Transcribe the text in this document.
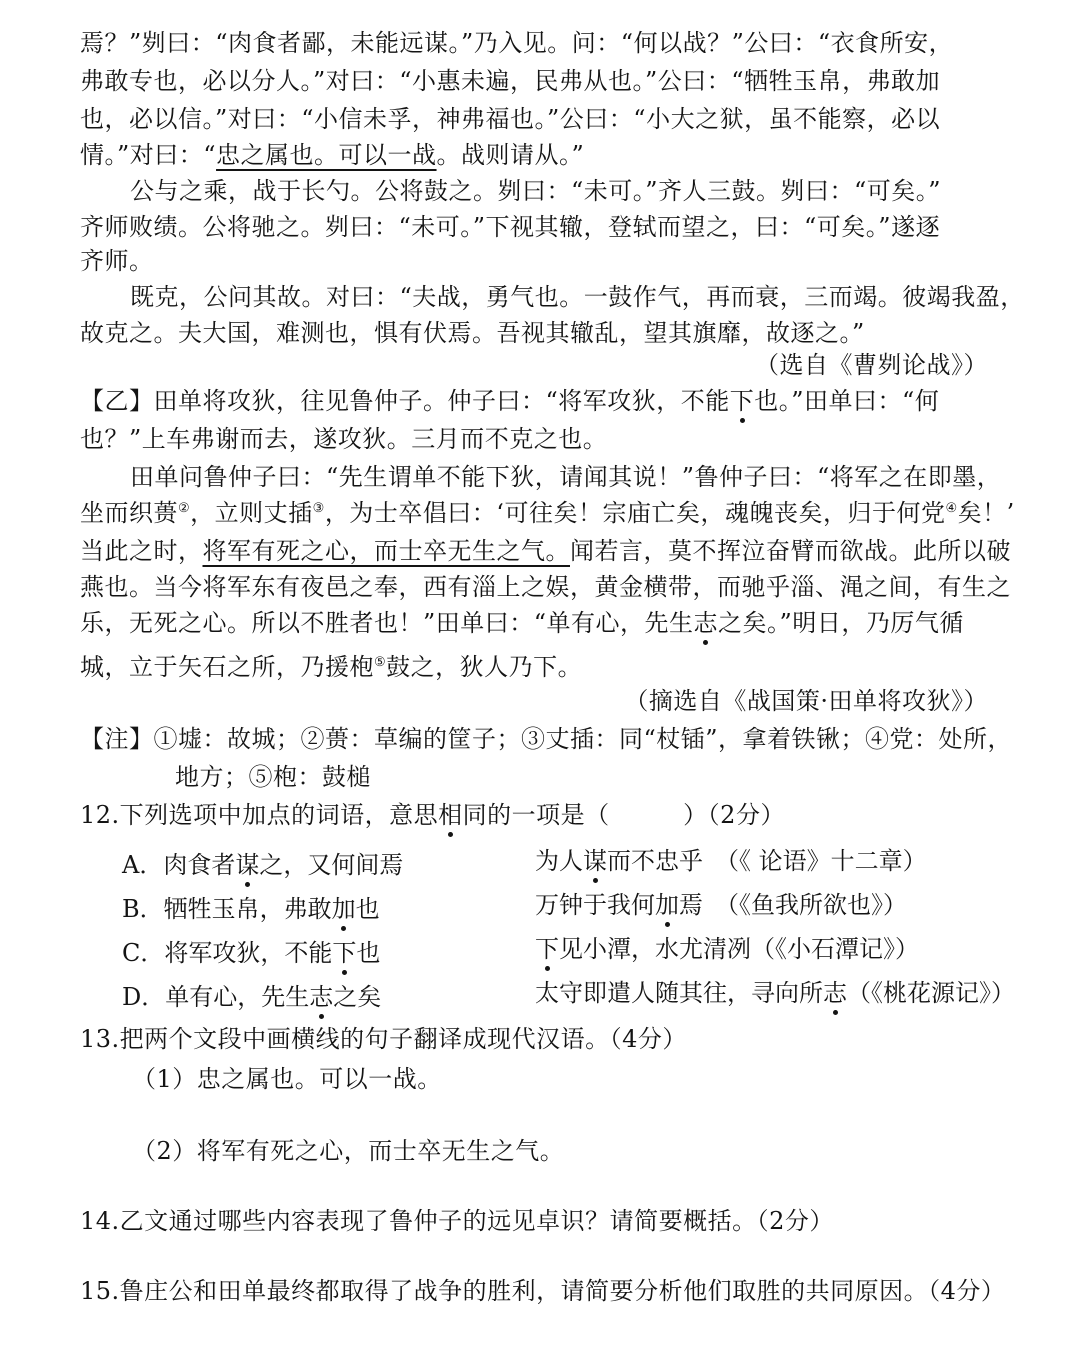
焉？”刿曰：“肉食者鄙，未能远谋。”乃入见。问：“何以战？”公曰：“衣食所安，
弗敢专也，必以分人。”对曰：“小惠未遍，民弗从也。”公曰：“牺牲玉帛，弗敢加
也，必以信。”对曰：“小信未孚，神弗福也。”公曰：“小大之狱，虽不能察，必以
情。”对曰：“忠之属也。可以一战。战则请从。”
公与之乘，战于长勺。公将鼓之。刿曰：“未可。”齐人三鼓。刿曰：“可矣。”
齐师败绩。公将驰之。刿曰：“未可。”下视其辙，登轼而望之，曰：“可矣。”遂逐
齐师。
既克，公问其故。对曰：“夫战，勇气也。一鼓作气，再而衰，三而竭。彼竭我盈，
故克之。夫大国，难测也，惧有伏焉。吾视其辙乱，望其旗靡，故逐之。”
（选自《曹刿论战》）
【乙】田单将攻狄，往见鲁仲子。仲子曰：“将军攻狄，不能下也。”田单曰：“何
也？”上车弗谢而去，遂攻狄。三月而不克之也。
田单问鲁仲子曰：“先生谓单不能下狄，请闻其说！”鲁仲子曰：“将军之在即墨，
坐而织蒉②，立则丈插③，为士卒倡曰：‘可往矣！宗庙亡矣，魂魄丧矣，归于何党④矣！’
当此之时，将军有死之心，而士卒无生之气。闻若言，莫不挥泣奋臂而欲战。此所以破
燕也。当今将军东有夜邑之奉，西有淄上之娱，黄金横带，而驰乎淄、渑之间，有生之
乐，无死之心。所以不胜者也！”田单曰：“单有心，先生志之矣。”明日，乃厉气循
城，立于矢石之所，乃援枹⑤鼓之，狄人乃下。
（摘选自《战国策·田单将攻狄》）
【注】①墟：故城；②蒉：草编的筐子；③丈插：同“杖锸”，拿着铁锹；④党：处所，
地方；⑤枹：鼓槌
12.下列选项中加点的词语，意思相同的一项是（　　　）（2分）
A．肉食者谋之，又何间焉	为人谋而不忠乎　（《 论语》十二章）
B．牺牲玉帛，弗敢加也	万钟于我何加焉　（《鱼我所欲也》）
C．将军攻狄，不能下也	下见小潭，水尤清冽（《小石潭记》）
D．单有心，先生志之矣	太守即遣人随其往，寻向所志（《桃花源记》）
13.把两个文段中画横线的句子翻译成现代汉语。（4分）
（1）忠之属也。可以一战。
（2）将军有死之心，而士卒无生之气。
14.乙文通过哪些内容表现了鲁仲子的远见卓识？请简要概括。（2分）
15.鲁庄公和田单最终都取得了战争的胜利，请简要分析他们取胜的共同原因。（4分）
